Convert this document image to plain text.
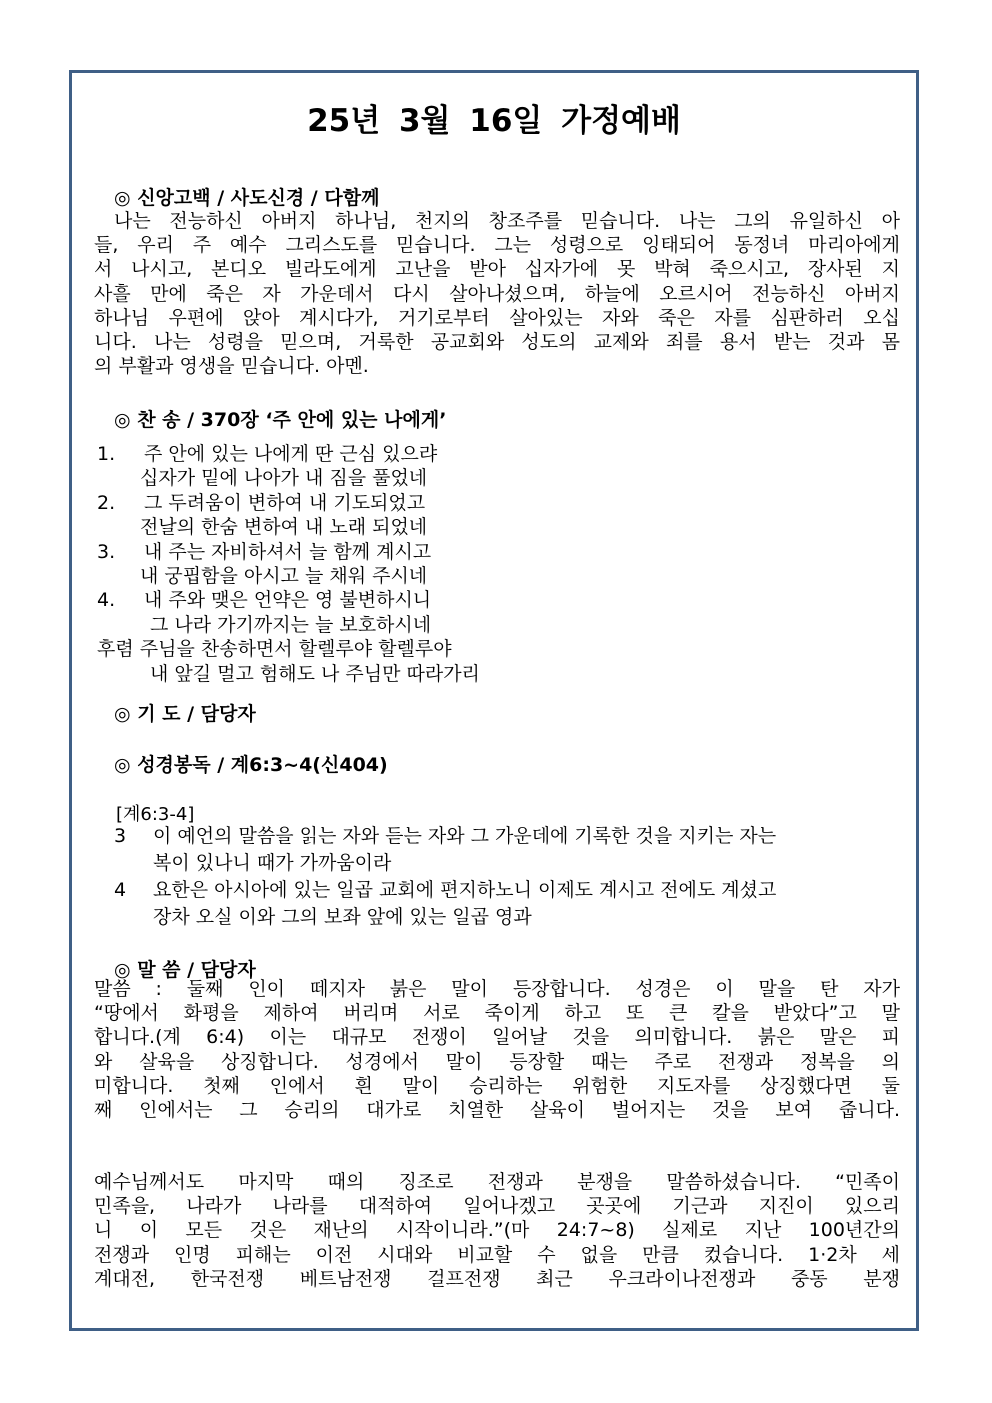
25년 3월 16일 가정예배
◎ 신앙고백 / 사도신경 / 다함께
나는 전능하신 아버지 하나님, 천지의 창조주를 믿습니다. 나는 그의 유일하신 아
들, 우리 주 예수 그리스도를 믿습니다. 그는 성령으로 잉태되어 동정녀 마리아에게
서 나시고, 본디오 빌라도에게 고난을 받아 십자가에 못 박혀 죽으시고, 장사된 지
사흘 만에 죽은 자 가운데서 다시 살아나셨으며, 하늘에 오르시어 전능하신 아버지
하나님 우편에 앉아 계시다가, 거기로부터 살아있는 자와 죽은 자를 심판하러 오십
니다. 나는 성령을 믿으며, 거룩한 공교회와 성도의 교제와 죄를 용서 받는 것과 몸
의 부활과 영생을 믿습니다. 아멘.
◎ 찬 송 / 370장 ‘주 안에 있는 나에게’
1. 주 안에 있는 나에게 딴 근심 있으랴
십자가 밑에 나아가 내 짐을 풀었네
2. 그 두려움이 변하여 내 기도되었고
전날의 한숨 변하여 내 노래 되었네
3. 내 주는 자비하셔서 늘 함께 계시고
내 궁핍함을 아시고 늘 채워 주시네
4. 내 주와 맺은 언약은 영 불변하시니
그 나라 가기까지는 늘 보호하시네
후렴 주님을 찬송하면서 할렐루야 할렐루야
내 앞길 멀고 험해도 나 주님만 따라가리
◎ 기 도 / 담당자
◎ 성경봉독 / 계6:3~4(신404)
[계6:3-4]
3 이 예언의 말씀을 읽는 자와 듣는 자와 그 가운데에 기록한 것을 지키는 자는
복이 있나니 때가 가까움이라
4 요한은 아시아에 있는 일곱 교회에 편지하노니 이제도 계시고 전에도 계셨고
장차 오실 이와 그의 보좌 앞에 있는 일곱 영과
◎ 말 씀 / 담당자
말씀 : 둘째 인이 떼지자 붉은 말이 등장합니다. 성경은 이 말을 탄 자가
“땅에서 화평을 제하여 버리며 서로 죽이게 하고 또 큰 칼을 받았다”고 말
합니다.(계 6:4) 이는 대규모 전쟁이 일어날 것을 의미합니다. 붉은 말은 피
와 살육을 상징합니다. 성경에서 말이 등장할 때는 주로 전쟁과 정복을 의
미합니다. 첫째 인에서 흰 말이 승리하는 위험한 지도자를 상징했다면 둘
째 인에서는 그 승리의 대가로 치열한 살육이 벌어지는 것을 보여 줍니다.
예수님께서도 마지막 때의 징조로 전쟁과 분쟁을 말씀하셨습니다. “민족이
민족을, 나라가 나라를 대적하여 일어나겠고 곳곳에 기근과 지진이 있으리
니 이 모든 것은 재난의 시작이니라.”(마 24:7~8) 실제로 지난 100년간의
전쟁과 인명 피해는 이전 시대와 비교할 수 없을 만큼 컸습니다. 1·2차 세
계대전, 한국전쟁 베트남전쟁 걸프전쟁 최근 우크라이나전쟁과 중동 분쟁
